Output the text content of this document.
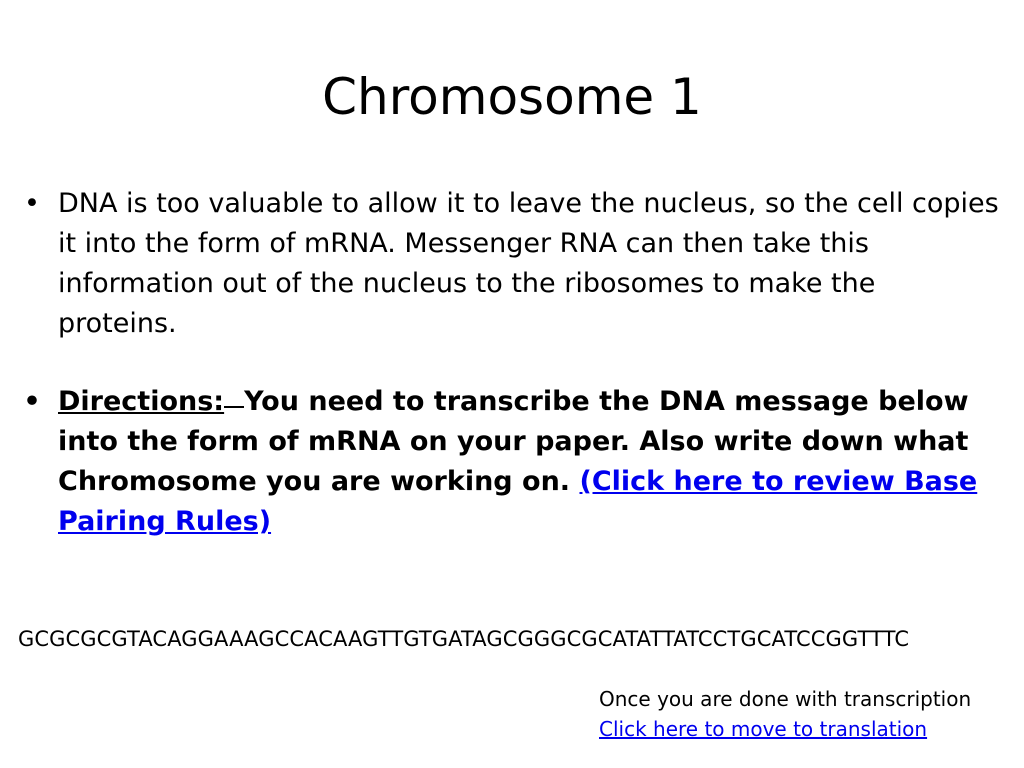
Chromosome 1
• DNA is too valuable to allow it to leave the nucleus, so the cell copies it into the form of mRNA. Messenger RNA can then take this information out of the nucleus to the ribosomes to make the proteins.
• Directions: You need to transcribe the DNA message below into the form of mRNA on your paper. Also write down what Chromosome you are working on. (Click here to review Base Pairing Rules)
GCGCGCGTACAGGAAAGCCACAAGTTGTGATAGCGGGCGCATATTATCCTGCATCCGGTTTC
Once you are done with transcription
Click here to move to translation
